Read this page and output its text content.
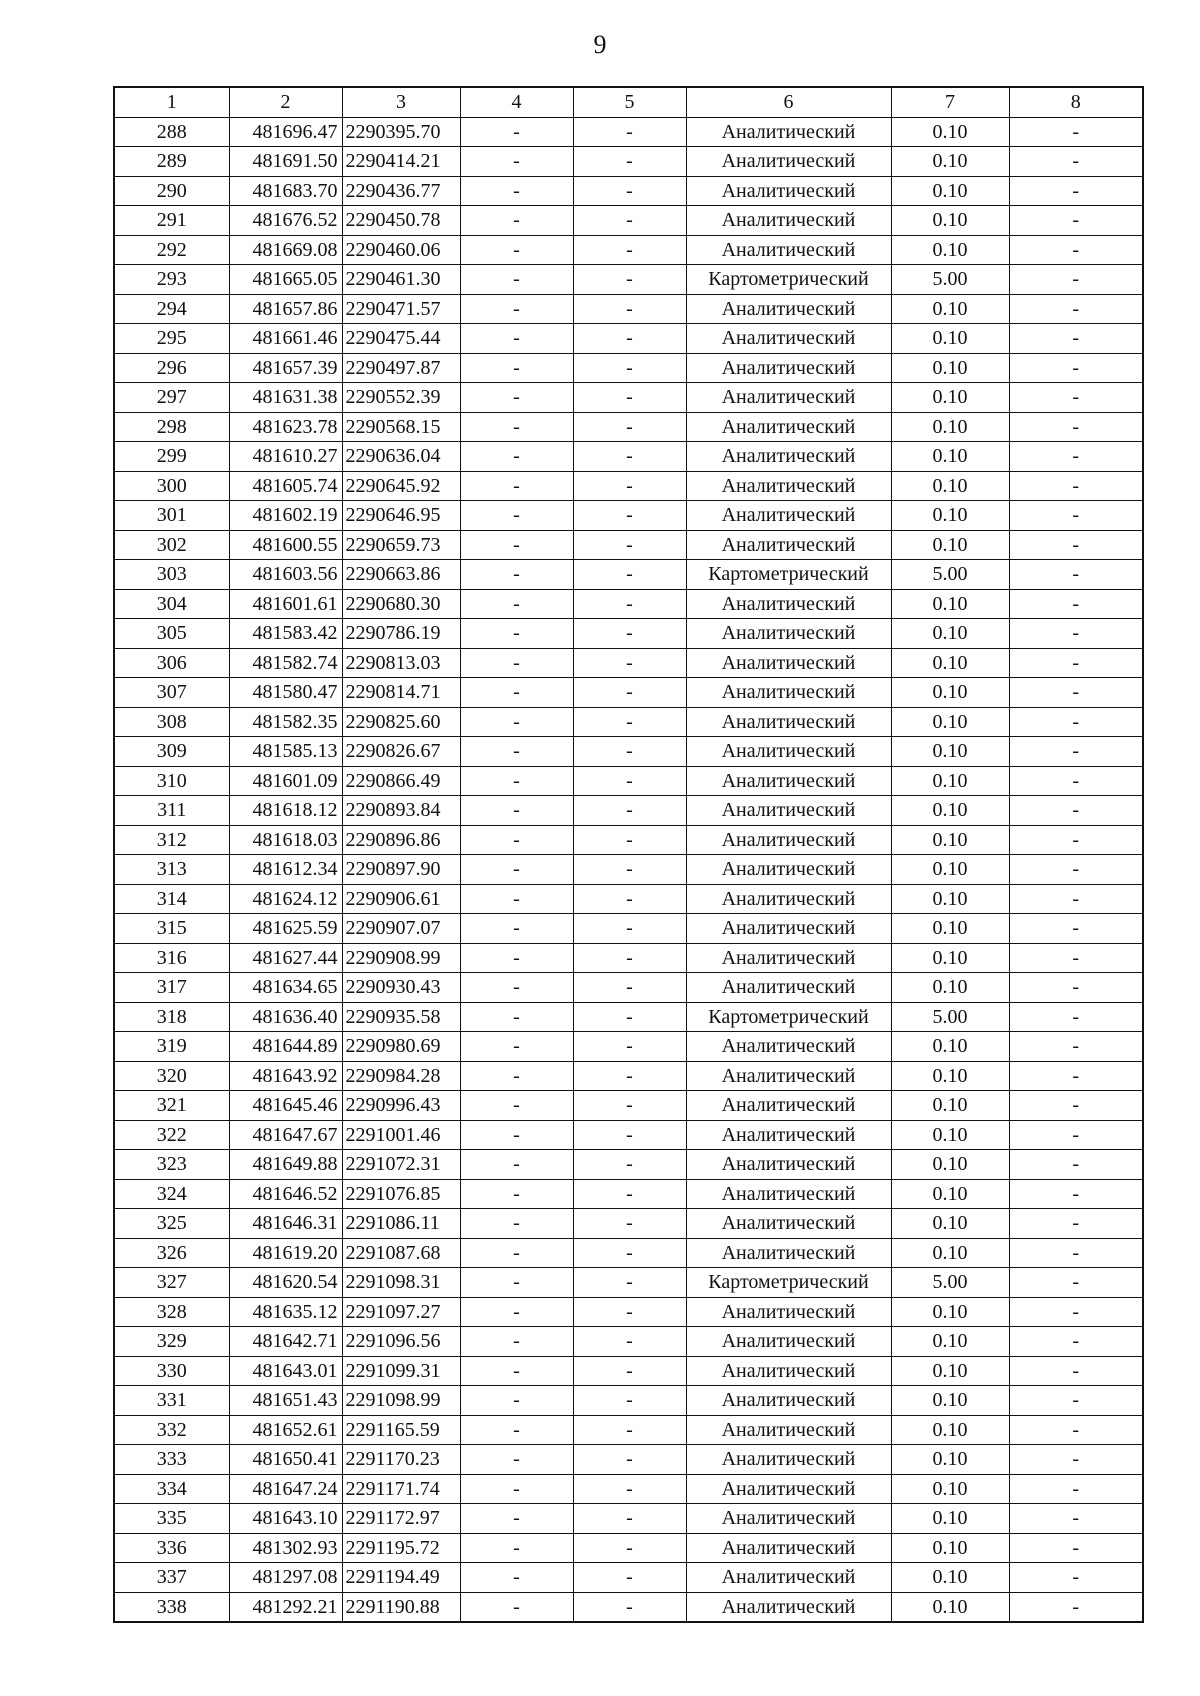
9
1	2	3	4	5	6	7	8
288	481696.47	2290395.70	-	-	Аналитический	0.10	-
289	481691.50	2290414.21	-	-	Аналитический	0.10	-
290	481683.70	2290436.77	-	-	Аналитический	0.10	-
291	481676.52	2290450.78	-	-	Аналитический	0.10	-
292	481669.08	2290460.06	-	-	Аналитический	0.10	-
293	481665.05	2290461.30	-	-	Картометрический	5.00	-
294	481657.86	2290471.57	-	-	Аналитический	0.10	-
295	481661.46	2290475.44	-	-	Аналитический	0.10	-
296	481657.39	2290497.87	-	-	Аналитический	0.10	-
297	481631.38	2290552.39	-	-	Аналитический	0.10	-
298	481623.78	2290568.15	-	-	Аналитический	0.10	-
299	481610.27	2290636.04	-	-	Аналитический	0.10	-
300	481605.74	2290645.92	-	-	Аналитический	0.10	-
301	481602.19	2290646.95	-	-	Аналитический	0.10	-
302	481600.55	2290659.73	-	-	Аналитический	0.10	-
303	481603.56	2290663.86	-	-	Картометрический	5.00	-
304	481601.61	2290680.30	-	-	Аналитический	0.10	-
305	481583.42	2290786.19	-	-	Аналитический	0.10	-
306	481582.74	2290813.03	-	-	Аналитический	0.10	-
307	481580.47	2290814.71	-	-	Аналитический	0.10	-
308	481582.35	2290825.60	-	-	Аналитический	0.10	-
309	481585.13	2290826.67	-	-	Аналитический	0.10	-
310	481601.09	2290866.49	-	-	Аналитический	0.10	-
311	481618.12	2290893.84	-	-	Аналитический	0.10	-
312	481618.03	2290896.86	-	-	Аналитический	0.10	-
313	481612.34	2290897.90	-	-	Аналитический	0.10	-
314	481624.12	2290906.61	-	-	Аналитический	0.10	-
315	481625.59	2290907.07	-	-	Аналитический	0.10	-
316	481627.44	2290908.99	-	-	Аналитический	0.10	-
317	481634.65	2290930.43	-	-	Аналитический	0.10	-
318	481636.40	2290935.58	-	-	Картометрический	5.00	-
319	481644.89	2290980.69	-	-	Аналитический	0.10	-
320	481643.92	2290984.28	-	-	Аналитический	0.10	-
321	481645.46	2290996.43	-	-	Аналитический	0.10	-
322	481647.67	2291001.46	-	-	Аналитический	0.10	-
323	481649.88	2291072.31	-	-	Аналитический	0.10	-
324	481646.52	2291076.85	-	-	Аналитический	0.10	-
325	481646.31	2291086.11	-	-	Аналитический	0.10	-
326	481619.20	2291087.68	-	-	Аналитический	0.10	-
327	481620.54	2291098.31	-	-	Картометрический	5.00	-
328	481635.12	2291097.27	-	-	Аналитический	0.10	-
329	481642.71	2291096.56	-	-	Аналитический	0.10	-
330	481643.01	2291099.31	-	-	Аналитический	0.10	-
331	481651.43	2291098.99	-	-	Аналитический	0.10	-
332	481652.61	2291165.59	-	-	Аналитический	0.10	-
333	481650.41	2291170.23	-	-	Аналитический	0.10	-
334	481647.24	2291171.74	-	-	Аналитический	0.10	-
335	481643.10	2291172.97	-	-	Аналитический	0.10	-
336	481302.93	2291195.72	-	-	Аналитический	0.10	-
337	481297.08	2291194.49	-	-	Аналитический	0.10	-
338	481292.21	2291190.88	-	-	Аналитический	0.10	-
